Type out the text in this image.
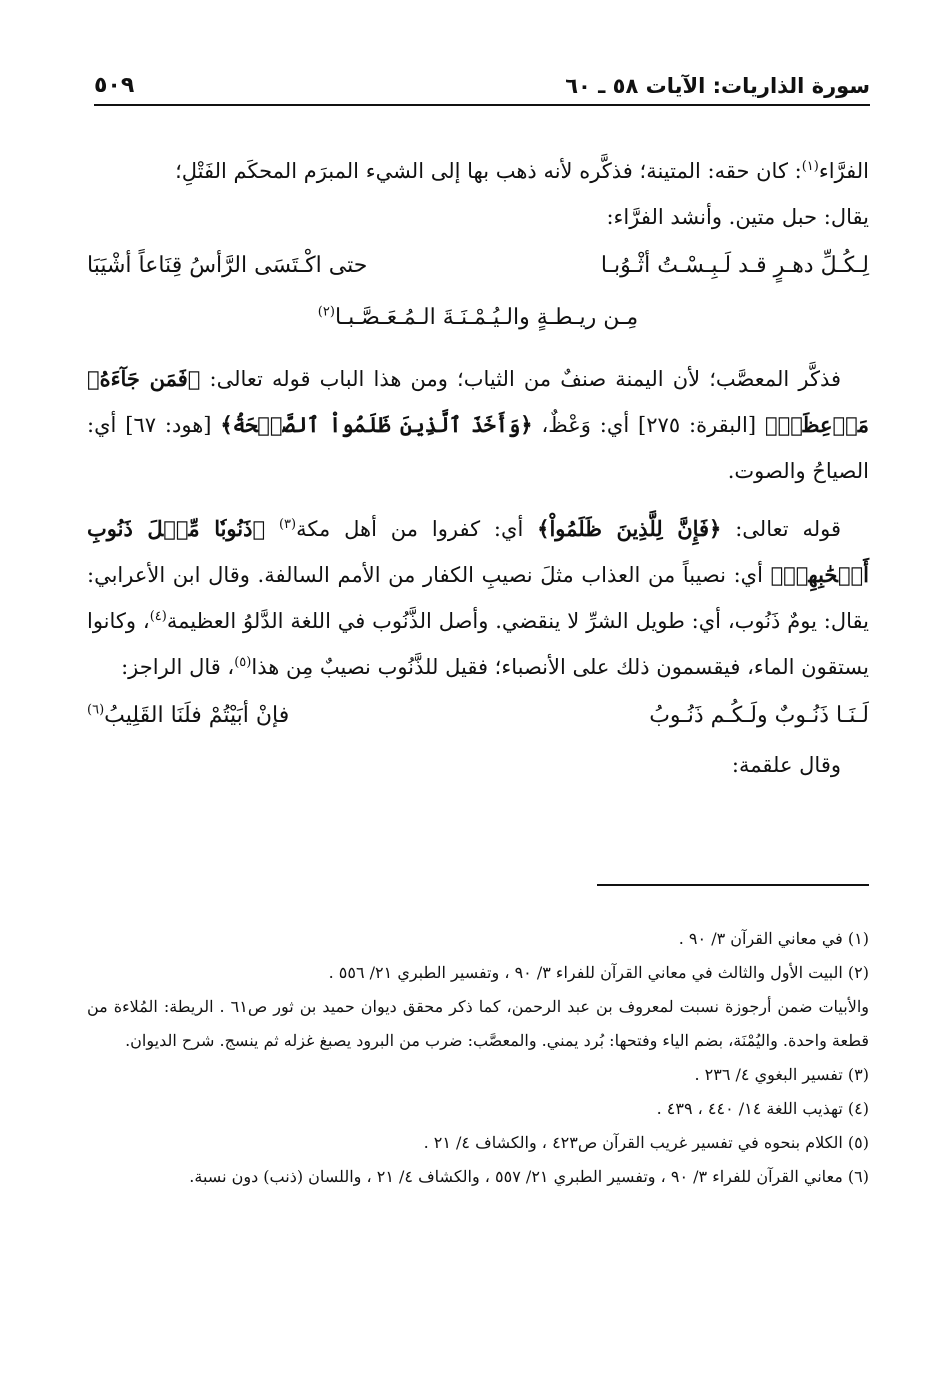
سورة الذاريات: الآيات ٥٨ ـ ٦٠
٥٠٩

الفرَّاء$^{(١)}$: كان حقه: المتينة؛ فذكَّره لأنه ذهب بها إلى الشيء المبرَم المحكَم الفَتْلِ؛

يقال: حبل متين. وأنشد الفرَّاء:

لِـكُـلِّ دهـرٍ قـد لَـبِـسْـتُ أثْـوُبـا
حتى اكْـتَسَى الرَّأسُ قِنَاعاً أشْيَبَا
مِـن ريـطـةٍ والـيُـمْـنَـةَ الـمُـعَـصَّـبـا$^{(٢)}$

فذكَّر المعصَّب؛ لأن اليمنة صنفٌ من الثياب؛ ومن هذا الباب قوله تعالى: ﴿فَمَن جَآءَهُۥ مَوۡعِظَةٞ﴾ [البقرة: ٢٧٥] أي: وَعْظٌ، ﴿وَأَخَذَ ٱلَّذِينَ ظَلَمُواْ ٱلصَّيۡحَةُ﴾ [هود: ٦٧] أي: الصياحُ والصوت.

قوله تعالى: ﴿فَإِنَّ لِلَّذِينَ ظَلَمُواْ﴾ أي: كفروا من أهل مكة$^{(٣)}$ ﴿ذَنُوبٗا مِّثۡلَ ذَنُوبِ أَصۡحَٰبِهِمۡ﴾ أي: نصيباً من العذاب مثلَ نصيبِ الكفار من الأمم السالفة. وقال ابن الأعرابي: يقال: يومٌ ذَنُوب، أي: طويل الشرِّ لا ينقضي. وأصل الذَّنُوب في اللغة الدَّلوُ العظيمة$^{(٤)}$، وكانوا يستقون الماء، فيقسمون ذلك على الأنصباء؛ فقيل للذَّنُوب نصيبٌ مِن هذا$^{(٥)}$، قال الراجز:

لَـنَـا ذَنُـوبٌ ولَـكُـم ذَنُـوبُ
فإنْ أبَيْتُمْ فلَنَا القَلِيبُ$^{(٦)}$

وقال علقمة:

(١) في معاني القرآن ٣/ ٩٠ .

(٢) البيت الأول والثالث في معاني القرآن للفراء ٣/ ٩٠ ، وتفسير الطبري ٢١/ ٥٥٦ .

والأبيات ضمن أرجوزة نسبت لمعروف بن عبد الرحمن، كما ذكر محقق ديوان حميد بن ثور ص٦١ . الريطة: المُلاءة من قطعة واحدة. واليُمْنَة، بضم الياء وفتحها: بُرد يمني. والمعصَّب: ضرب من البرود يصبغ غزله ثم ينسج. شرح الديوان.

(٣) تفسير البغوي ٤/ ٢٣٦ .

(٤) تهذيب اللغة ١٤/ ٤٤٠ ، ٤٣٩ .

(٥) الكلام بنحوه في تفسير غريب القرآن ص٤٢٣ ، والكشاف ٤/ ٢١ .

(٦) معاني القرآن للفراء ٣/ ٩٠ ، وتفسير الطبري ٢١/ ٥٥٧ ، والكشاف ٤/ ٢١ ، واللسان (ذنب) دون نسبة.
